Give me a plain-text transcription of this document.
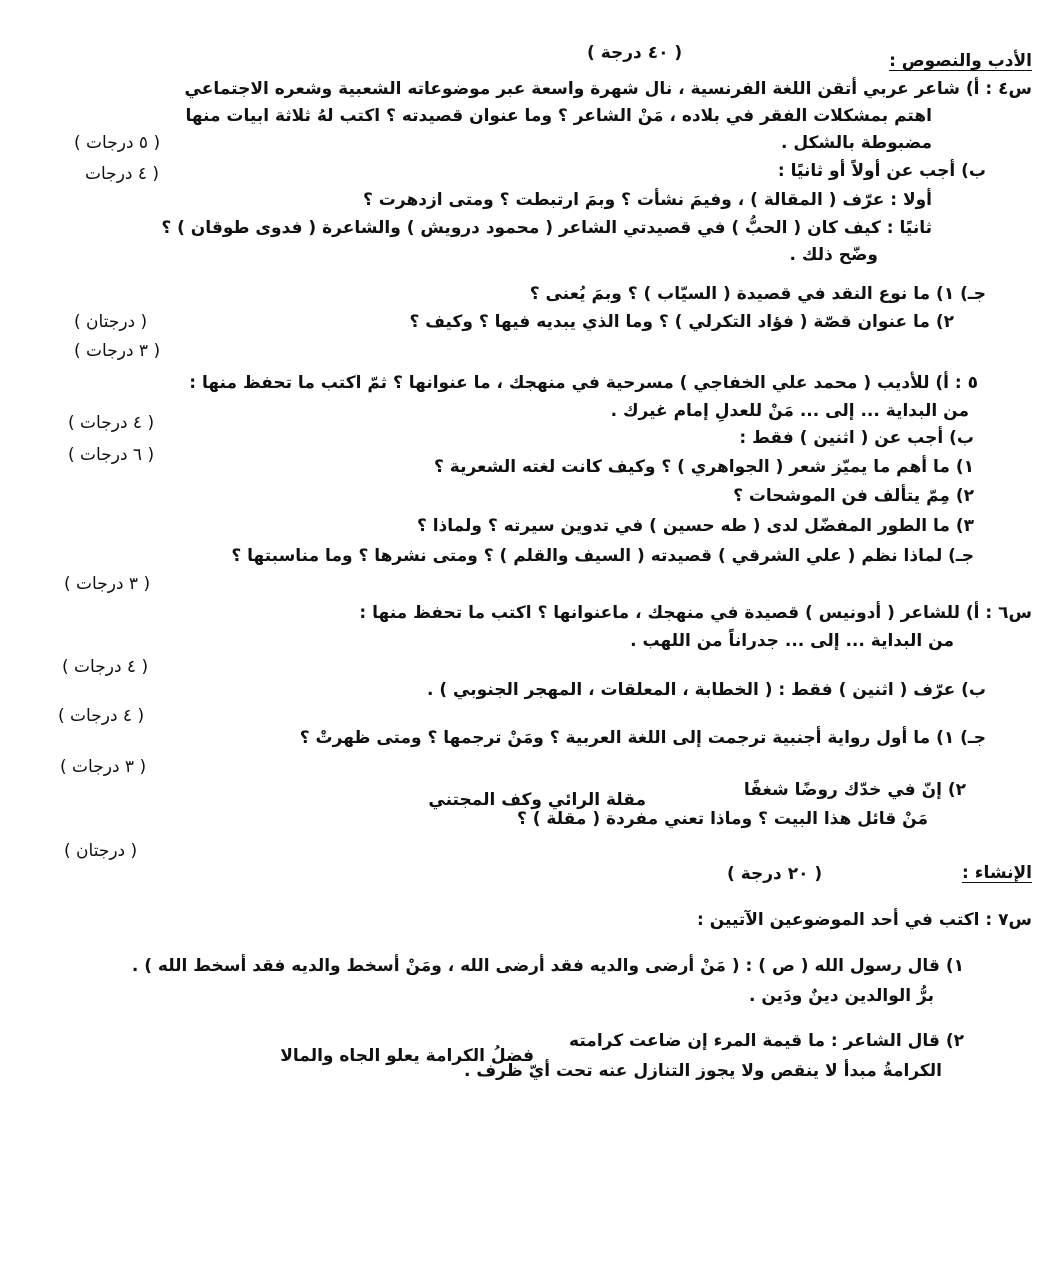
الأدب والنصوص :
( ٤٠ درجة )
س٤ : أ) شاعر عربي أتقن اللغة الفرنسية ، نال شهرة واسعة عبر موضوعاته الشعبية وشعره الاجتماعي
اهتم بمشكلات الفقر في بلاده ، مَنْ الشاعر ؟ وما عنوان قصيدته ؟ اكتب لهُ ثلاثة ابيات منها
مضبوطة بالشكل .
ب) أجب عن أولاً أو ثانيًا :
أولا : عرّف ( المقالة ) ، وفيمَ نشأت ؟ وبمَ ارتبطت ؟ ومتى ازدهرت ؟
ثانيًا : كيف كان ( الحبُّ ) في قصيدتي الشاعر ( محمود درويش ) والشاعرة ( فدوى طوقان ) ؟
وضّح ذلك .
جـ) ١) ما نوع النقد في قصيدة ( السيّاب ) ؟ وبمَ يُعنى ؟
٢) ما عنوان قصّة ( فؤاد التكرلي ) ؟ وما الذي يبديه فيها ؟ وكيف ؟
( ٥ درجات )
( ٤ درجات
( درجتان )
( ٣ درجات )
٥ : أ) للأديب ( محمد علي الخفاجي ) مسرحية في منهجك ، ما عنوانها ؟ ثمّ اكتب ما تحفظ منها :
من البداية ... إلى ... مَنْ للعدلِ إمام غيرك .
ب) أجب عن ( اثنين ) فقط :
١) ما أهم ما يميّز شعر ( الجواهري ) ؟ وكيف كانت لغته الشعرية ؟
٢) مِمّ يتألف فن الموشحات ؟
٣) ما الطور المفضّل لدى ( طه حسين ) في تدوين سيرته ؟ ولماذا ؟
جـ) لماذا نظم ( علي الشرقي ) قصيدته ( السيف والقلم ) ؟ ومتى نشرها ؟ وما مناسبتها ؟
( ٤ درجات )
( ٦ درجات )
( ٣ درجات )
س٦ : أ) للشاعر ( أدونيس ) قصيدة في منهجك ، ماعنوانها ؟ اكتب ما تحفظ منها :
من البداية ... إلى ... جدراناً من اللهب .
ب) عرّف ( اثنين ) فقط : ( الخطابة ، المعلقات ، المهجر الجنوبي ) .
جـ) ١) ما أول رواية أجنبية ترجمت إلى اللغة العربية ؟ ومَنْ ترجمها ؟ ومتى ظهرتْ ؟
٢) إنّ في خدّك روضًا شغفًا
مقلة الرائي وكف المجتني
مَنْ قائل هذا البيت ؟ وماذا تعني مفردة ( مقلة ) ؟
( ٤ درجات )
( ٤ درجات )
( ٣ درجات )
( درجتان )
الإنشاء :
( ٢٠ درجة )
س٧ : اكتب في أحد الموضوعين الآتيين :
١) قال رسول الله ( ص ) : ( مَنْ أرضى والديه فقد أرضى الله ، ومَنْ أسخط والديه فقد أسخط الله ) .
برُّ الوالدين دينٌ ودَين .
٢) قال الشاعر : ما قيمة المرء إن ضاعت كرامته
فضلُ الكرامة يعلو الجاه والمالا
الكرامةُ مبدأ لا ينقص ولا يجوز التنازل عنه تحت أيّ ظرف .
